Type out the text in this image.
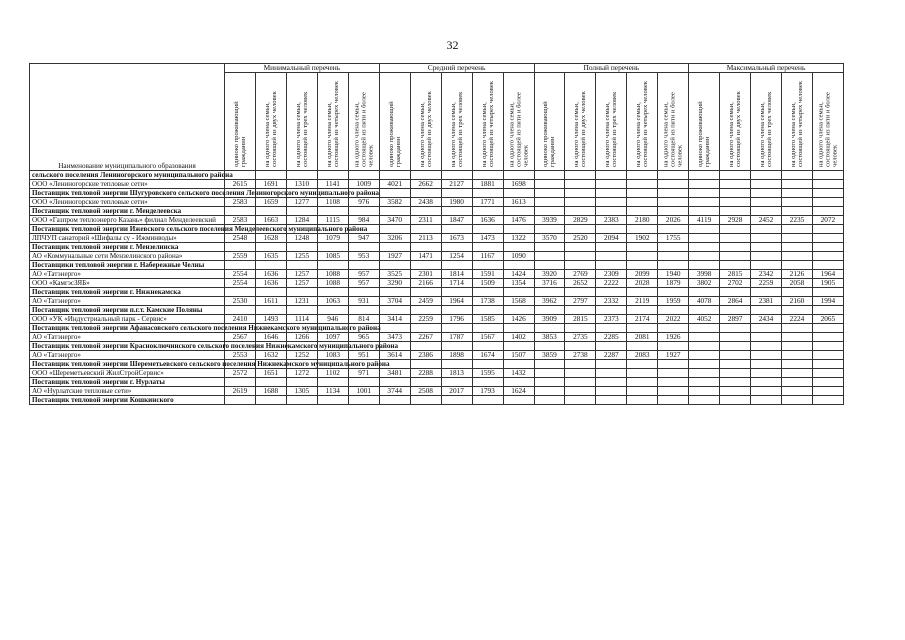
32
Наименование муниципального образования	Минимальный перечень					Средний перечень					Полный перечень					Максимальный перечень				

	одиноко проживающий гражданин	на одного члена семьи, состоящей из двух человек	на одного члена семьи, состоящей из трех человек	на одного члена семьи, состоящей из четырех человек	на одного члена семьи, состоящей из пяти и более человек	одиноко проживающий гражданин	на одного члена семьи, состоящей из двух человек	на одного члена семьи, состоящей из трех человек	на одного члена семьи, состоящей из четырех человек	на одного члена семьи, состоящей из пяти и более человек	одиноко проживающий гражданин	на одного члена семьи, состоящей из двух человек	на одного члена семьи, состоящей из трех человек	на одного члена семьи, состоящей из четырех человек	на одного члена семьи, состоящей из пяти и более человек	одиноко проживающий гражданин	на одного члена семьи, состоящей из двух человек	на одного члена семьи, состоящей из трех человек	на одного члена семьи, состоящей из четырех человек	на одного члена семьи, состоящей из пяти и более человек

сельского поселения Лениногорского муниципального района																				
ООО «Лениногорские тепловые сети»	2615	1691	1310	1141	1009	4021	2662	2127	1881	1698										
Поставщик тепловой энергии Шугуровского сельского поселения Лениногорского муниципального района																				
ООО «Лениногорские тепловые сети»	2583	1659	1277	1108	976	3582	2438	1980	1771	1613										
Поставщик тепловой энергии г. Менделеевска																				
ООО «Газпром теплоэнерго Казань» филиал Менделеевский	2583	1663	1284	1115	984	3470	2311	1847	1636	1476	3939	2829	2383	2180	2026	4119	2928	2452	2235	2072
Поставщик тепловой энергии Ижевского сельского поселения Менделеевского муниципального района																				
ЛПЧУП санаторий «Шифалы су - Ижминводы»	2548	1628	1248	1079	947	3206	2113	1673	1473	1322	3570	2520	2094	1902	1755					
Поставщик тепловой энергии г. Мензелинска																				
АО «Коммунальные сети Мензелинского района»	2559	1635	1255	1085	953	1927	1471	1254	1167	1090										
Поставщики тепловой энергии г. Набережные Челны																				
АО «Татэнерго»	2554	1636	1257	1088	957	3525	2301	1814	1591	1424	3920	2769	2309	2099	1940	3998	2815	2342	2126	1964
ООО «КамгэсЗЯБ»	2554	1636	1257	1088	957	3290	2166	1714	1509	1354	3716	2652	2222	2028	1879	3802	2702	2259	2058	1905
Поставщик тепловой энергии г. Нижнекамска																				
АО «Татэнерго»	2530	1611	1231	1063	931	3704	2459	1964	1738	1568	3962	2797	2332	2119	1959	4078	2864	2381	2160	1994
Поставщик тепловой энергии п.г.т. Камские Поляны																				
ООО «УК «Индустриальный парк - Сервис»	2410	1493	1114	946	814	3414	2259	1796	1585	1426	3909	2815	2373	2174	2022	4052	2897	2434	2224	2065
Поставщик тепловой энергии Афанасовского сельского поселения Нижнекамского муниципального района																				
АО «Татэнерго»	2567	1646	1266	1097	965	3473	2267	1787	1567	1402	3853	2735	2285	2081	1926					
Поставщик тепловой энергии Красноключинского сельского поселения Нижнекамского муниципального района																				
АО «Татэнерго»	2553	1632	1252	1083	951	3614	2386	1898	1674	1507	3859	2738	2287	2083	1927					
Поставщик тепловой энергии Шереметьевского сельского поселения Нижнекамского муниципального района																				
ООО «Шереметьевский ЖилСтройСервис»	2572	1651	1272	1102	971	3481	2288	1813	1595	1432										
Поставщик тепловой энергии г. Нурлаты																				
АО «Нурлатские тепловые сети»	2619	1688	1305	1134	1001	3744	2508	2017	1793	1624										
Поставщик тепловой энергии Кошкинского																				
